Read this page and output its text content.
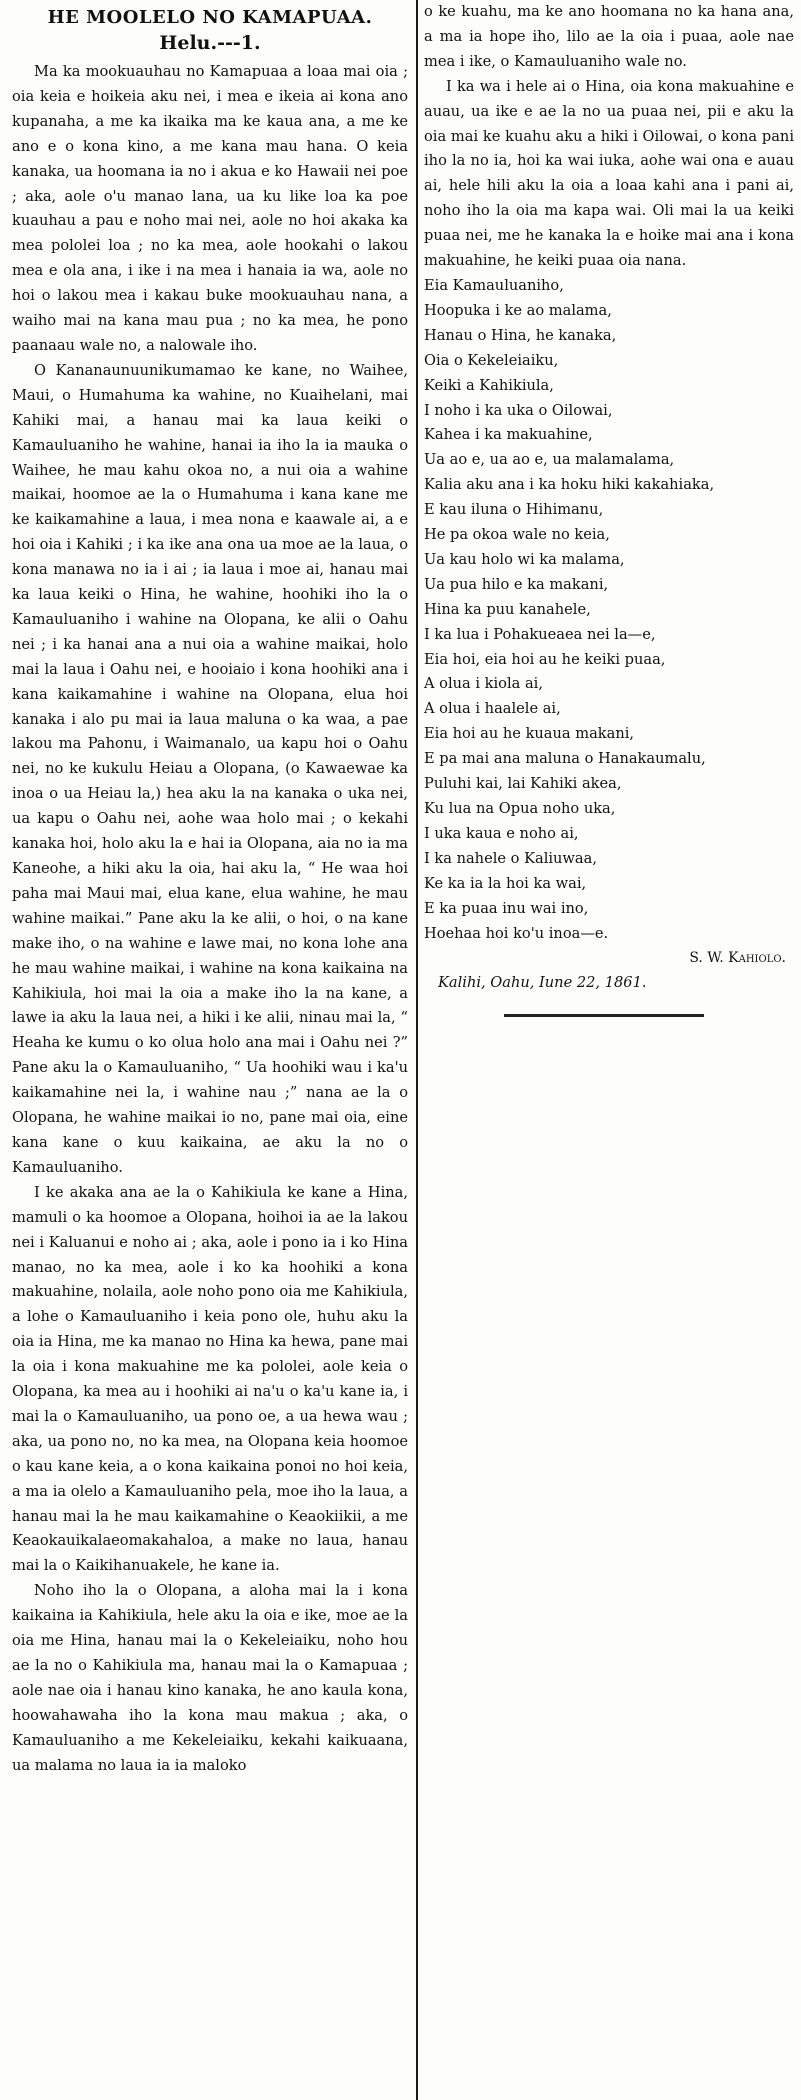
HE MOOLELO NO KAMAPUAA.
Helu.---1.

Ma ka mookuauhau no Kamapuaa a loaa mai oia ; oia keia e hoikeia aku nei, i mea e ikeia ai kona ano kupanaha, a me ka ikaika ma ke kaua ana, a me ke ano e o kona kino, a me kana mau hana. O keia kanaka, ua hoomana ia no i akua e ko Hawaii nei poe ; aka, aole o'u manao lana, ua ku like loa ka poe kuauhau a pau e noho mai nei, aole no hoi akaka ka mea pololei loa ; no ka mea, aole hookahi o lakou mea e ola ana, i ike i na mea i hanaia ia wa, aole no hoi o lakou mea i kakau buke mookuauhau nana, a waiho mai na kana mau pua ; no ka mea, he pono paanaau wale no, a nalowale iho.

O Kananaunuunikumamao ke kane, no Waihee, Maui, o Humahuma ka wahine, no Kuaihelani, mai Kahiki mai, a hanau mai ka laua keiki o Kamauluaniho he wahine, hanai ia iho la ia mauka o Waihee, he mau kahu okoa no, a nui oia a wahine maikai, hoomoe ae la o Humahuma i kana kane me ke kaikamahine a laua, i mea nona e kaawale ai, a e hoi oia i Kahiki ; i ka ike ana ona ua moe ae la laua, o kona manawa no ia i ai ; ia laua i moe ai, hanau mai ka laua keiki o Hina, he wahine, hoohiki iho la o Kamauluaniho i wahine na Olopana, ke alii o Oahu nei ; i ka hanai ana a nui oia a wahine maikai, holo mai la laua i Oahu nei, e hooiaio i kona hoohiki ana i kana kaikamahine i wahine na Olopana, elua hoi kanaka i alo pu mai ia laua maluna o ka waa, a pae lakou ma Pahonu, i Waimanalo, ua kapu hoi o Oahu nei, no ke kukulu Heiau a Olopana, (o Kawaewae ka inoa o ua Heiau la,) hea aku la na kanaka o uka nei, ua kapu o Oahu nei, aohe waa holo mai ; o kekahi kanaka hoi, holo aku la e hai ia Olopana, aia no ia ma Kaneohe, a hiki aku la oia, hai aku la, “ He waa hoi paha mai Maui mai, elua kane, elua wahine, he mau wahine maikai.” Pane aku la ke alii, o hoi, o na kane make iho, o na wahine e lawe mai, no kona lohe ana he mau wahine maikai, i wahine na kona kaikaina na Kahikiula, hoi mai la oia a make iho la na kane, a lawe ia aku la laua nei, a hiki i ke alii, ninau mai la, “ Heaha ke kumu o ko olua holo ana mai i Oahu nei ?” Pane aku la o Kamauluaniho, “ Ua hoohiki wau i ka'u kaikamahine nei la, i wahine nau ;” nana ae la o Olopana, he wahine maikai io no, pane mai oia, eine kana kane o kuu kaikaina, ae aku la no o Kamauluaniho.

I ke akaka ana ae la o Kahikiula ke kane a Hina, mamuli o ka hoomoe a Olopana, hoihoi ia ae la lakou nei i Kaluanui e noho ai ; aka, aole i pono ia i ko Hina manao, no ka mea, aole i ko ka hoohiki a kona makuahine, nolaila, aole noho pono oia me Kahikiula, a lohe o Kamauluaniho i keia pono ole, huhu aku la oia ia Hina, me ka manao no Hina ka hewa, pane mai la oia i kona makuahine me ka pololei, aole keia o Olopana, ka mea au i hoohiki ai na'u o ka'u kane ia, i mai la o Kamauluaniho, ua pono oe, a ua hewa wau ; aka, ua pono no, no ka mea, na Olopana keia hoomoe o kau kane keia, a o kona kaikaina ponoi no hoi keia, a ma ia olelo a Kamauluaniho pela, moe iho la laua, a hanau mai la he mau kaikamahine o Keaokiikii, a me Keaokauikalaeomakahaloa, a make no laua, hanau mai la o Kaikihanuakele, he kane ia.

Noho iho la o Olopana, a aloha mai la i kona kaikaina ia Kahikiula, hele aku la oia e ike, moe ae la oia me Hina, hanau mai la o Kekeleiaiku, noho hou ae la no o Kahikiula ma, hanau mai la o Kamapuaa ; aole nae oia i hanau kino kanaka, he ano kaula kona, hoowahawaha iho la kona mau makua ; aka, o Kamauluaniho a me Kekeleiaiku, kekahi kaikuaana, ua malama no laua ia ia maloko

o ke kuahu, ma ke ano hoomana no ka hana ana, a ma ia hope iho, lilo ae la oia i puaa, aole nae mea i ike, o Kamauluaniho wale no.

I ka wa i hele ai o Hina, oia kona makuahine e auau, ua ike e ae la no ua puaa nei, pii e aku la oia mai ke kuahu aku a hiki i Oilowai, o kona pani iho la no ia, hoi ka wai iuka, aohe wai ona e auau ai, hele hili aku la oia a loaa kahi ana i pani ai, noho iho la oia ma kapa wai. Oli mai la ua keiki puaa nei, me he kanaka la e hoike mai ana i kona makuahine, he keiki puaa oia nana.

Eia Kamauluaniho,
Hoopuka i ke ao malama,
Hanau o Hina, he kanaka,
Oia o Kekeleiaiku,
Keiki a Kahikiula,
I noho i ka uka o Oilowai,
Kahea i ka makuahine,
Ua ao e, ua ao e, ua malamalama,
Kalia aku ana i ka hoku hiki kakahiaka,
E kau iluna o Hihimanu,
He pa okoa wale no keia,
Ua kau holo wi ka malama,
Ua pua hilo e ka makani,
Hina ka puu kanahele,
I ka lua i Pohakueaea nei la—e,
Eia hoi, eia hoi au he keiki puaa,
A olua i kiola ai,
A olua i haalele ai,
Eia hoi au he kuaua makani,
E pa mai ana maluna o Hanakaumalu,
Puluhi kai, lai Kahiki akea,
Ku lua na Opua noho uka,
I uka kaua e noho ai,
I ka nahele o Kaliuwaa,
Ke ka ia la hoi ka wai,
E ka puaa inu wai ino,
Hoehaa hoi ko'u inoa—e.

S. W. Kahiolo.

Kalihi, Oahu, Iune 22, 1861.
